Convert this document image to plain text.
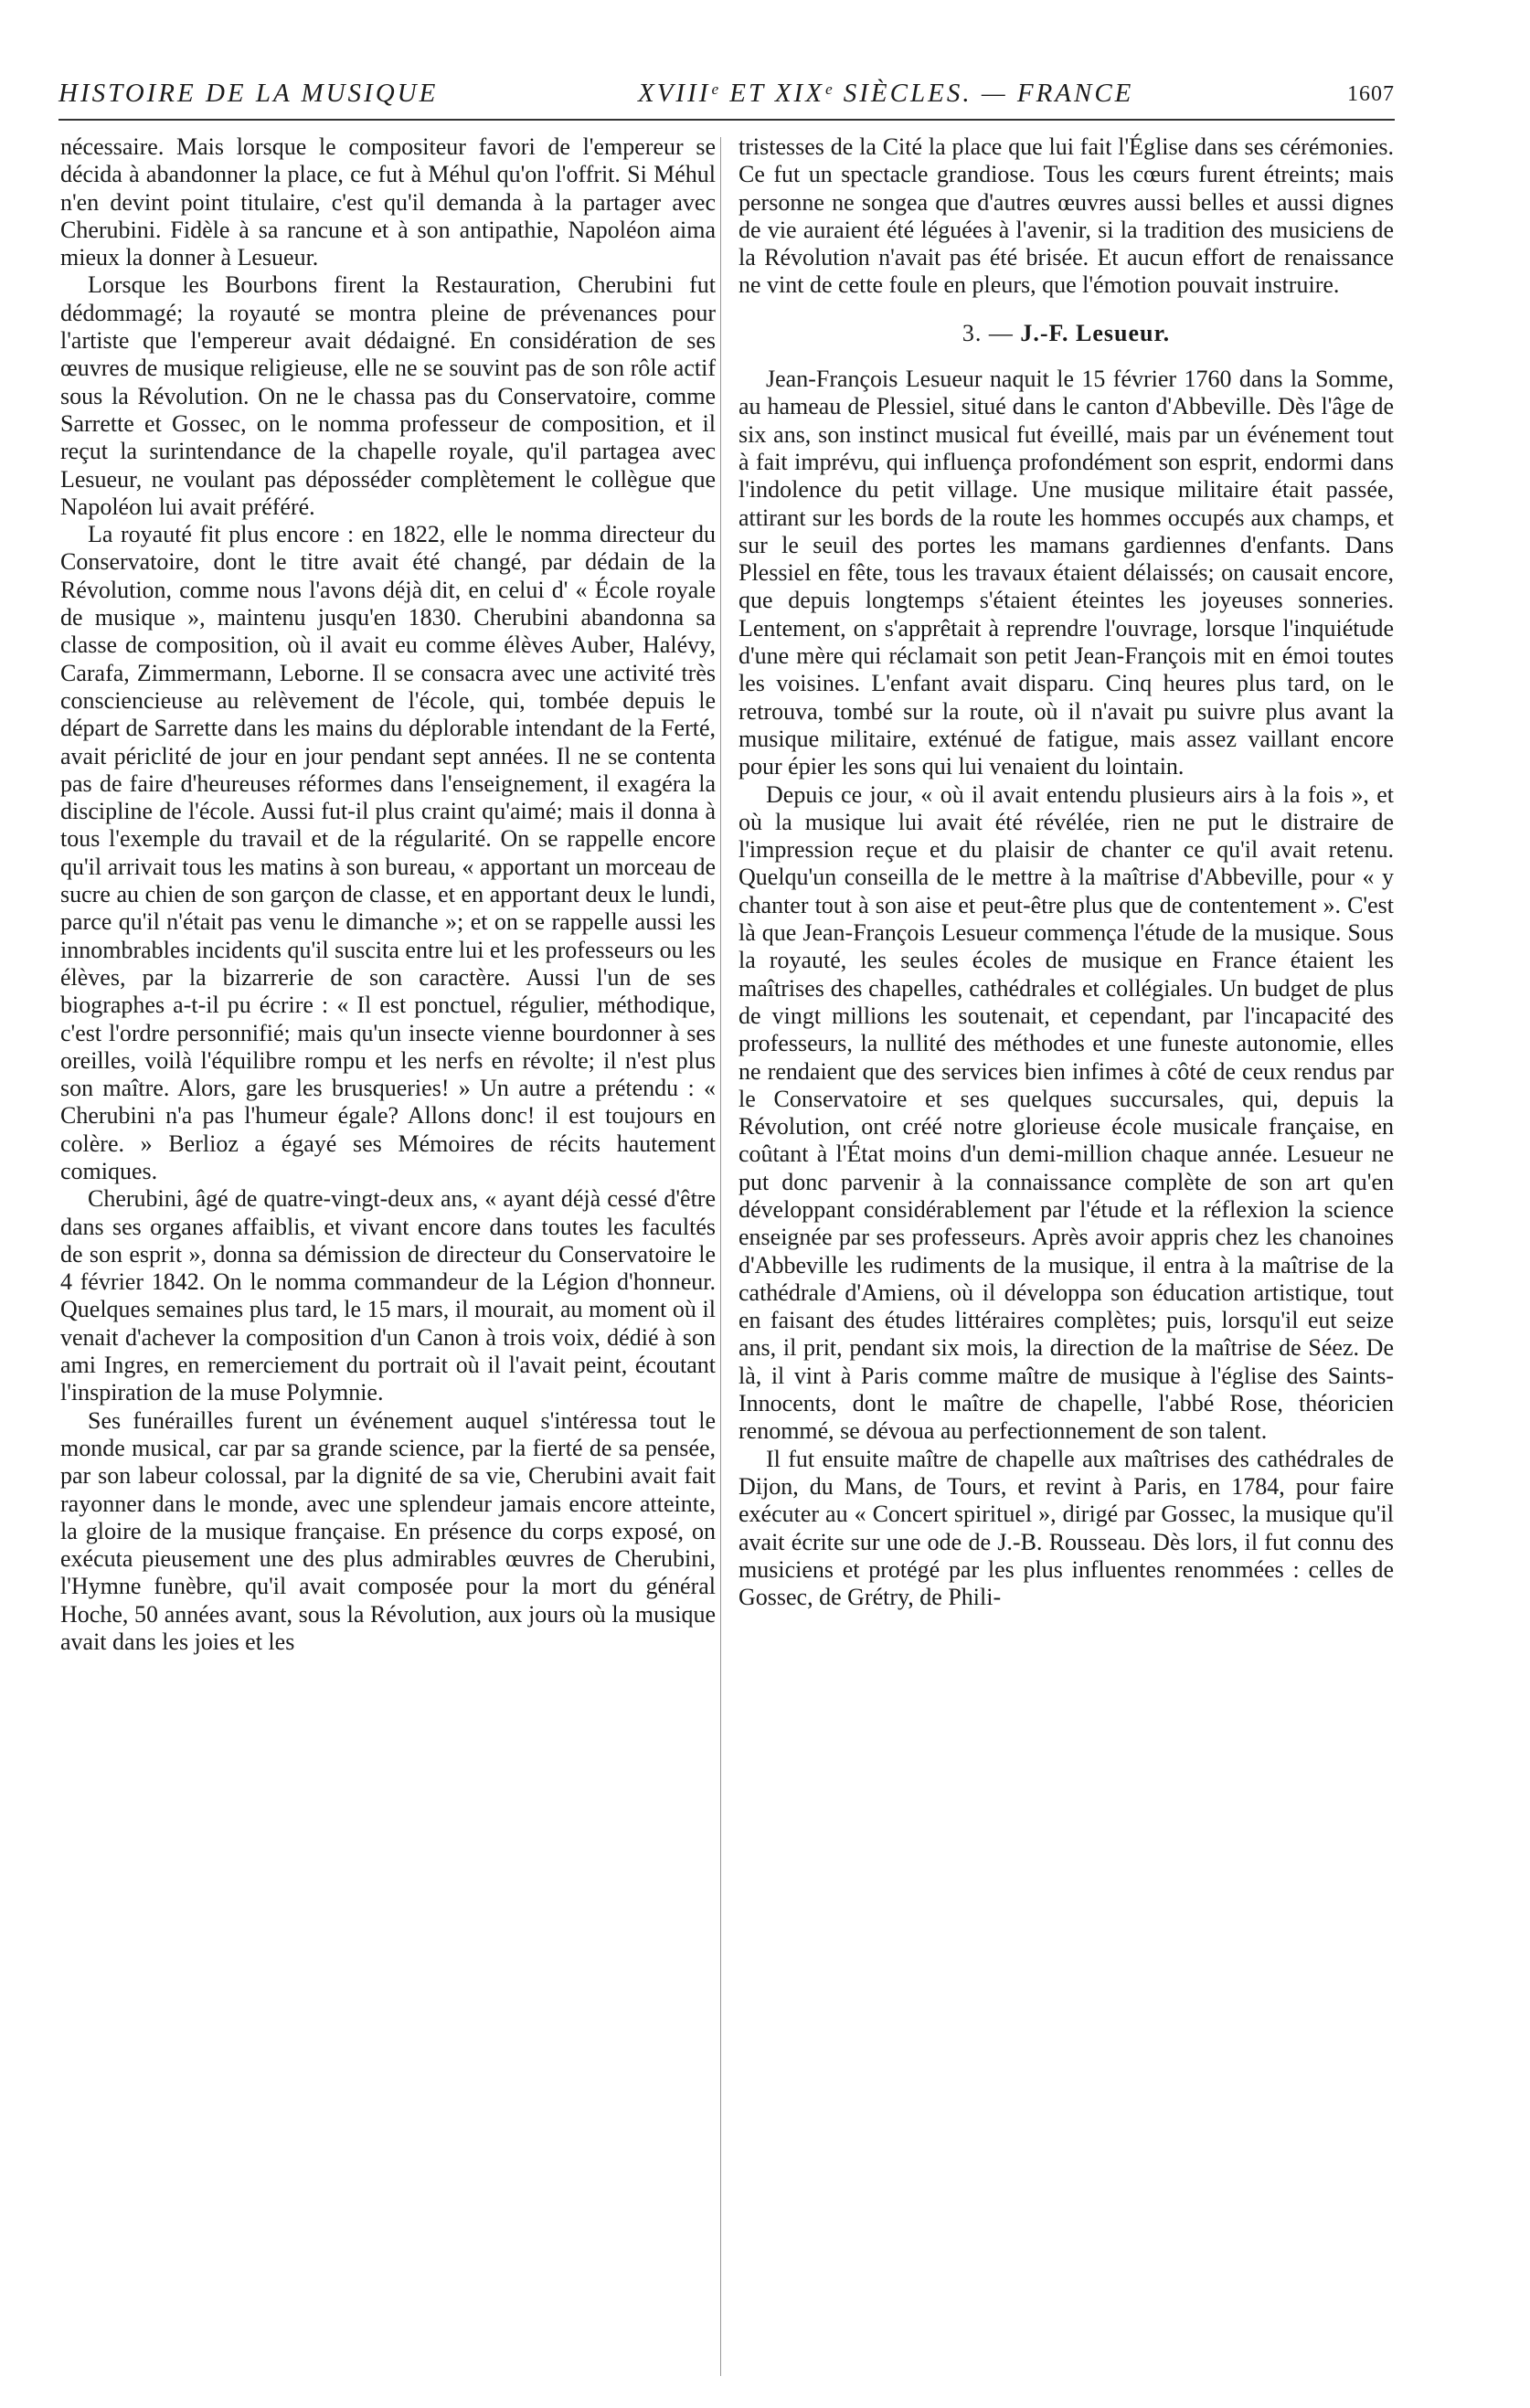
HISTOIRE DE LA MUSIQUE	XVIIIᵉ ET XIXᵉ SIÈCLES. — FRANCE	1607

nécessaire. Mais lorsque le compositeur favori de l'empereur se décida à abandonner la place, ce fut à Méhul qu'on l'offrit. Si Méhul n'en devint point titulaire, c'est qu'il demanda à la partager avec Cherubini. Fidèle à sa rancune et à son antipathie, Napoléon aima mieux la donner à Lesueur.

Lorsque les Bourbons firent la Restauration, Cherubini fut dédommagé; la royauté se montra pleine de prévenances pour l'artiste que l'empereur avait dédaigné. En considération de ses œuvres de musique religieuse, elle ne se souvint pas de son rôle actif sous la Révolution. On ne le chassa pas du Conservatoire, comme Sarrette et Gossec, on le nomma professeur de composition, et il reçut la surintendance de la chapelle royale, qu'il partagea avec Lesueur, ne voulant pas déposséder complètement le collègue que Napoléon lui avait préféré.

La royauté fit plus encore : en 1822, elle le nomma directeur du Conservatoire, dont le titre avait été changé, par dédain de la Révolution, comme nous l'avons déjà dit, en celui d' « École royale de musique », maintenu jusqu'en 1830. Cherubini abandonna sa classe de composition, où il avait eu comme élèves Auber, Halévy, Carafa, Zimmermann, Leborne. Il se consacra avec une activité très consciencieuse au relèvement de l'école, qui, tombée depuis le départ de Sarrette dans les mains du déplorable intendant de la Ferté, avait périclité de jour en jour pendant sept années. Il ne se contenta pas de faire d'heureuses réformes dans l'enseignement, il exagéra la discipline de l'école. Aussi fut-il plus craint qu'aimé; mais il donna à tous l'exemple du travail et de la régularité. On se rappelle encore qu'il arrivait tous les matins à son bureau, « apportant un morceau de sucre au chien de son garçon de classe, et en apportant deux le lundi, parce qu'il n'était pas venu le dimanche »; et on se rappelle aussi les innombrables incidents qu'il suscita entre lui et les professeurs ou les élèves, par la bizarrerie de son caractère. Aussi l'un de ses biographes a-t-il pu écrire : « Il est ponctuel, régulier, méthodique, c'est l'ordre personnifié; mais qu'un insecte vienne bourdonner à ses oreilles, voilà l'équilibre rompu et les nerfs en révolte; il n'est plus son maître. Alors, gare les brusqueries! » Un autre a prétendu : « Cherubini n'a pas l'humeur égale? Allons donc! il est toujours en colère. » Berlioz a égayé ses Mémoires de récits hautement comiques.

Cherubini, âgé de quatre-vingt-deux ans, « ayant déjà cessé d'être dans ses organes affaiblis, et vivant encore dans toutes les facultés de son esprit », donna sa démission de directeur du Conservatoire le 4 février 1842. On le nomma commandeur de la Légion d'honneur. Quelques semaines plus tard, le 15 mars, il mourait, au moment où il venait d'achever la composition d'un Canon à trois voix, dédié à son ami Ingres, en remerciement du portrait où il l'avait peint, écoutant l'inspiration de la muse Polymnie.

Ses funérailles furent un événement auquel s'intéressa tout le monde musical, car par sa grande science, par la fierté de sa pensée, par son labeur colossal, par la dignité de sa vie, Cherubini avait fait rayonner dans le monde, avec une splendeur jamais encore atteinte, la gloire de la musique française. En présence du corps exposé, on exécuta pieusement une des plus admirables œuvres de Cherubini, l'Hymne funèbre, qu'il avait composée pour la mort du général Hoche, 50 années avant, sous la Révolution, aux jours où la musique avait dans les joies et les

tristesses de la Cité la place que lui fait l'Église dans ses cérémonies. Ce fut un spectacle grandiose. Tous les cœurs furent étreints; mais personne ne songea que d'autres œuvres aussi belles et aussi dignes de vie auraient été léguées à l'avenir, si la tradition des musiciens de la Révolution n'avait pas été brisée. Et aucun effort de renaissance ne vint de cette foule en pleurs, que l'émotion pouvait instruire.

3. — J.-F. Lesueur.

Jean-François Lesueur naquit le 15 février 1760 dans la Somme, au hameau de Plessiel, situé dans le canton d'Abbeville. Dès l'âge de six ans, son instinct musical fut éveillé, mais par un événement tout à fait imprévu, qui influença profondément son esprit, endormi dans l'indolence du petit village. Une musique militaire était passée, attirant sur les bords de la route les hommes occupés aux champs, et sur le seuil des portes les mamans gardiennes d'enfants. Dans Plessiel en fête, tous les travaux étaient délaissés; on causait encore, que depuis longtemps s'étaient éteintes les joyeuses sonneries. Lentement, on s'apprêtait à reprendre l'ouvrage, lorsque l'inquiétude d'une mère qui réclamait son petit Jean-François mit en émoi toutes les voisines. L'enfant avait disparu. Cinq heures plus tard, on le retrouva, tombé sur la route, où il n'avait pu suivre plus avant la musique militaire, exténué de fatigue, mais assez vaillant encore pour épier les sons qui lui venaient du lointain.

Depuis ce jour, « où il avait entendu plusieurs airs à la fois », et où la musique lui avait été révélée, rien ne put le distraire de l'impression reçue et du plaisir de chanter ce qu'il avait retenu. Quelqu'un conseilla de le mettre à la maîtrise d'Abbeville, pour « y chanter tout à son aise et peut-être plus que de contentement ». C'est là que Jean-François Lesueur commença l'étude de la musique. Sous la royauté, les seules écoles de musique en France étaient les maîtrises des chapelles, cathédrales et collégiales. Un budget de plus de vingt millions les soutenait, et cependant, par l'incapacité des professeurs, la nullité des méthodes et une funeste autonomie, elles ne rendaient que des services bien infimes à côté de ceux rendus par le Conservatoire et ses quelques succursales, qui, depuis la Révolution, ont créé notre glorieuse école musicale française, en coûtant à l'État moins d'un demi-million chaque année. Lesueur ne put donc parvenir à la connaissance complète de son art qu'en développant considérablement par l'étude et la réflexion la science enseignée par ses professeurs. Après avoir appris chez les chanoines d'Abbeville les rudiments de la musique, il entra à la maîtrise de la cathédrale d'Amiens, où il développa son éducation artistique, tout en faisant des études littéraires complètes; puis, lorsqu'il eut seize ans, il prit, pendant six mois, la direction de la maîtrise de Séez. De là, il vint à Paris comme maître de musique à l'église des Saints-Innocents, dont le maître de chapelle, l'abbé Rose, théoricien renommé, se dévoua au perfectionnement de son talent.

Il fut ensuite maître de chapelle aux maîtrises des cathédrales de Dijon, du Mans, de Tours, et revint à Paris, en 1784, pour faire exécuter au « Concert spirituel », dirigé par Gossec, la musique qu'il avait écrite sur une ode de J.-B. Rousseau. Dès lors, il fut connu des musiciens et protégé par les plus influentes renommées : celles de Gossec, de Grétry, de Phili-
